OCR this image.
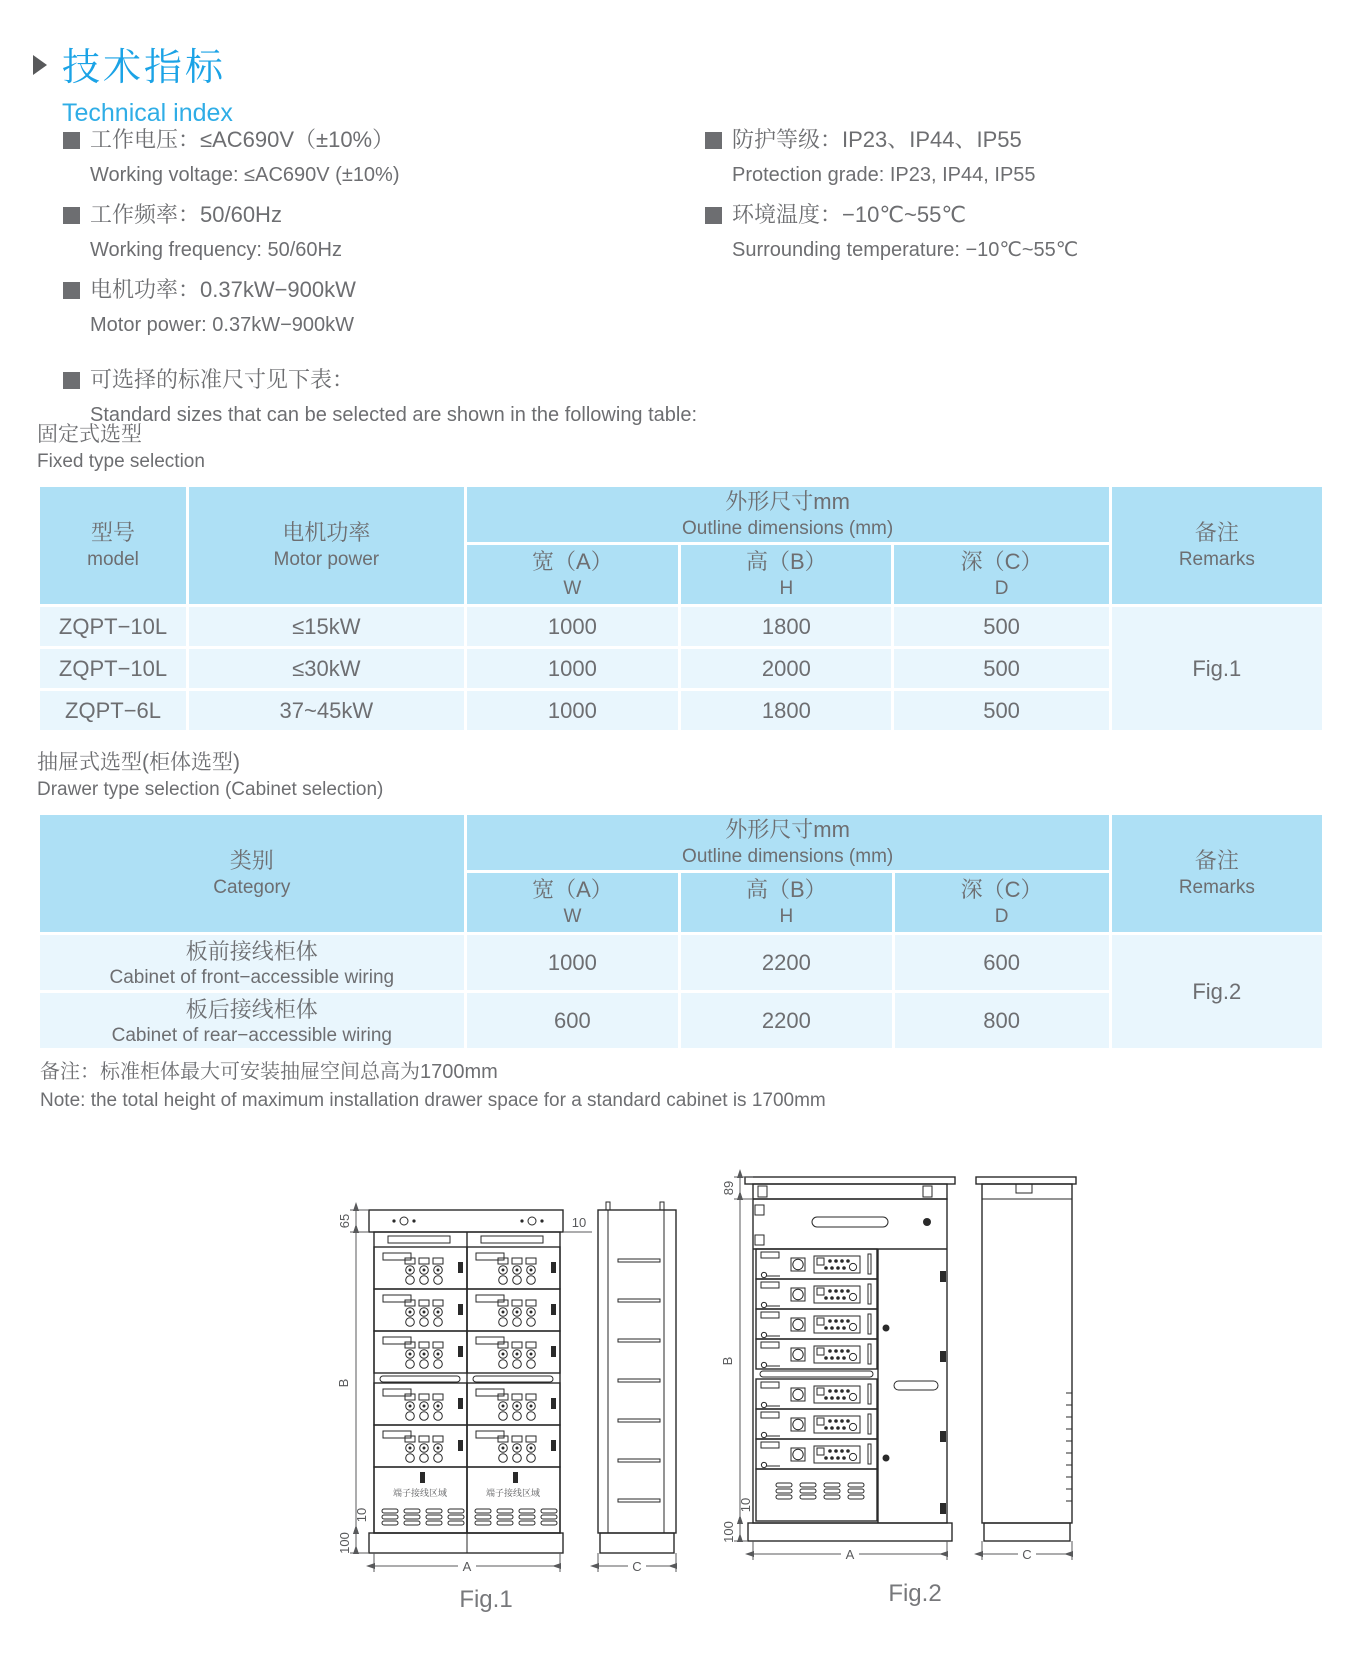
技术指标
Technical index
工作电压：≤AC690V（±10%）
Working voltage: ≤AC690V (±10%)
工作频率：50/60Hz
Working frequency: 50/60Hz
电机功率：0.37kW−900kW
Motor power: 0.37kW−900kW
可选择的标准尺寸见下表：
Standard sizes that can be selected are shown in the following table:
防护等级：IP23、IP44、IP55
Protection grade: IP23, IP44, IP55
环境温度：−10℃~55℃
Surrounding temperature: −10℃~55℃
固定式选型
Fixed type selection
型号
model

电机功率
Motor power

外形尺寸mm
Outline dimensions (mm)	备注
Remarks

宽（A）
W

高（B）
H

深（C）
D

ZQPT−10L	≤15kW	1000	1800	500	Fig.1
ZQPT−10L	≤30kW	1000	2000	500	
ZQPT−6L	37~45kW	1000	1800	500	
抽屉式选型(柜体选型)
Drawer type selection (Cabinet selection)
类别
Category

外形尺寸mm
Outline dimensions (mm)	备注
Remarks

宽（A）
W

高（B）
H

深（C）
D

板前接线柜体
Cabinet of front−accessible wiring	1000	2200	600	Fig.2

板后接线柜体
Cabinet of rear−accessible wiring	600	2200	800	
备注：标准柜体最大可安装抽屉空间总高为1700mm
Note: the total height of maximum installation drawer space for a standard cabinet is 1700mm
端子接线区域	端子接线区域
65
B
10
100
10
A	C
Fig.1
89
B
10
100
A	C
Fig.2
